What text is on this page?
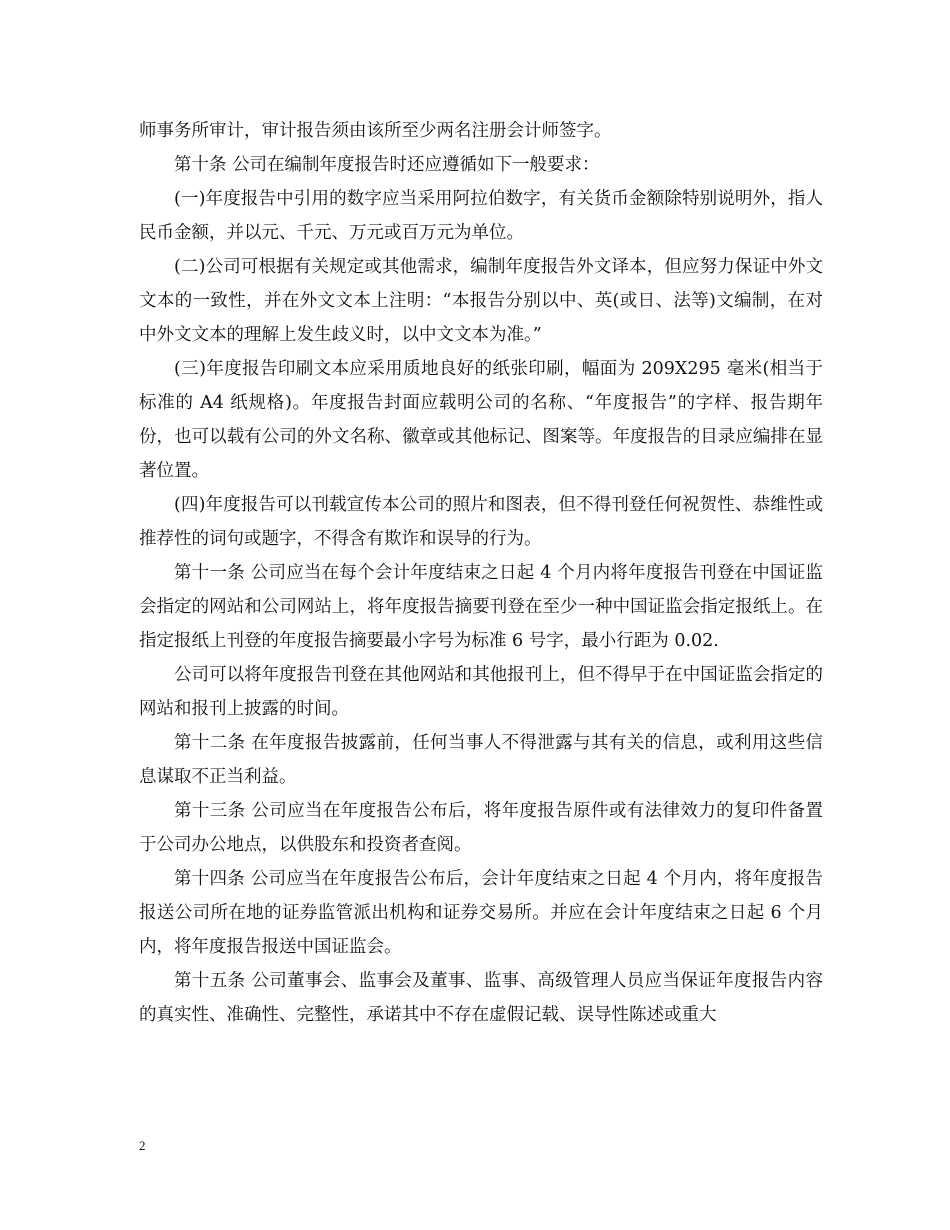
师事务所审计，审计报告须由该所至少两名注册会计师签字。

第十条 公司在编制年度报告时还应遵循如下一般要求：

(一)年度报告中引用的数字应当采用阿拉伯数字，有关货币金额除特别说明外，指人民币金额，并以元、千元、万元或百万元为单位。

(二)公司可根据有关规定或其他需求，编制年度报告外文译本，但应努力保证中外文文本的一致性，并在外文文本上注明：“本报告分别以中、英(或日、法等)文编制，在对中外文文本的理解上发生歧义时，以中文文本为准。”

(三)年度报告印刷文本应采用质地良好的纸张印刷，幅面为 209X295 毫米(相当于标准的 A4 纸规格)。年度报告封面应载明公司的名称、“年度报告”的字样、报告期年份，也可以载有公司的外文名称、徽章或其他标记、图案等。年度报告的目录应编排在显著位置。

(四)年度报告可以刊载宣传本公司的照片和图表，但不得刊登任何祝贺性、恭维性或推荐性的词句或题字，不得含有欺诈和误导的行为。

第十一条 公司应当在每个会计年度结束之日起 4 个月内将年度报告刊登在中国证监会指定的网站和公司网站上，将年度报告摘要刊登在至少一种中国证监会指定报纸上。在指定报纸上刊登的年度报告摘要最小字号为标准 6 号字，最小行距为 0.02.

公司可以将年度报告刊登在其他网站和其他报刊上，但不得早于在中国证监会指定的网站和报刊上披露的时间。

第十二条 在年度报告披露前，任何当事人不得泄露与其有关的信息，或利用这些信息谋取不正当利益。

第十三条 公司应当在年度报告公布后，将年度报告原件或有法律效力的复印件备置于公司办公地点，以供股东和投资者查阅。

第十四条 公司应当在年度报告公布后，会计年度结束之日起 4 个月内，将年度报告报送公司所在地的证券监管派出机构和证券交易所。并应在会计年度结束之日起 6 个月内，将年度报告报送中国证监会。

第十五条 公司董事会、监事会及董事、监事、高级管理人员应当保证年度报告内容的真实性、准确性、完整性，承诺其中不存在虚假记载、误导性陈述或重大

2
